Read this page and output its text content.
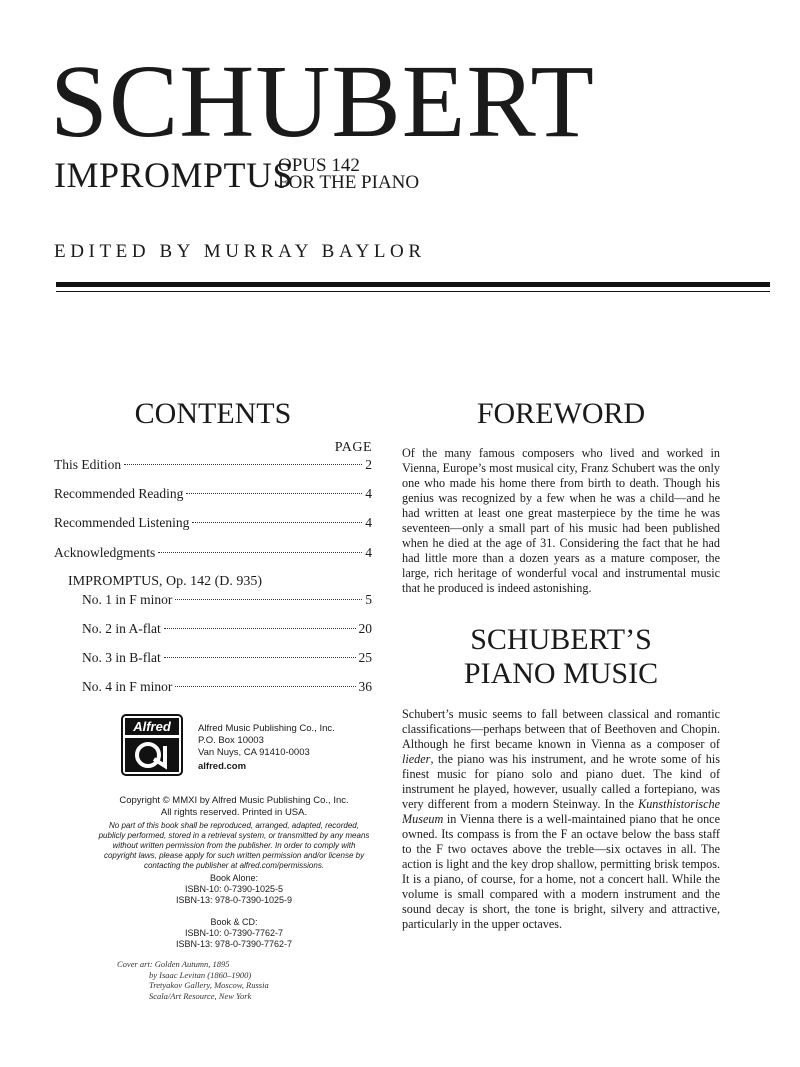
SCHUBERT
IMPROMPTUS
OPUS 142
FOR THE PIANO
EDITED BY MURRAY BAYLOR
CONTENTS
PAGE
This Edition	2
Recommended Reading	4
Recommended Listening	4
Acknowledgments	4
IMPROMPTUS, Op. 142 (D. 935)
No. 1 in F minor	5
No. 2 in A-flat	20
No. 3 in B-flat	25
No. 4 in F minor	36
Alfred	Alfred Music Publishing Co., Inc.
P.O. Box 10003
Van Nuys, CA 91410-0003
alfred.com
Copyright © MMXI by Alfred Music Publishing Co., Inc.
All rights reserved. Printed in USA.
No part of this book shall be reproduced, arranged, adapted, recorded,
publicly performed, stored in a retrieval system, or transmitted by any means
without written permission from the publisher. In order to comply with
copyright laws, please apply for such written permission and/or license by
contacting the publisher at alfred.com/permissions.
Book Alone:
ISBN-10: 0-7390-1025-5
ISBN-13: 978-0-7390-1025-9
Book & CD:
ISBN-10: 0-7390-7762-7
ISBN-13: 978-0-7390-7762-7
Cover art: Golden Autumn, 1895
by Isaac Levitan (1860–1900)
Tretyakov Gallery, Moscow, Russia
Scala/Art Resource, New York
FOREWORD

Of the many famous composers who lived and worked in Vienna, Europe’s most musical city, Franz Schubert was the only one who made his home there from birth to death. Though his genius was recognized by a few when he was a child—and he had written at least one great masterpiece by the time he was seventeen—only a small part of his music had been published when he died at the age of 31. Considering the fact that he had had little more than a dozen years as a mature composer, the large, rich heritage of wonderful vocal and instrumental music that he produced is indeed astonishing.

SCHUBERT’S
PIANO MUSIC

Schubert’s music seems to fall between classical and romantic classifications—perhaps between that of Beethoven and Chopin. Although he first became known in Vienna as a composer of lieder, the piano was his instrument, and he wrote some of his finest music for piano solo and piano duet. The kind of instrument he played, however, usually called a fortepiano, was very different from a modern Steinway. In the Kunsthistorische Museum in Vienna there is a well-maintained piano that he once owned. Its compass is from the F an octave below the bass staff to the F two octaves above the treble—six octaves in all. The action is light and the key drop shallow, permitting brisk tempos. It is a piano, of course, for a home, not a concert hall. While the volume is small compared with a modern instrument and the sound decay is short, the tone is bright, silvery and attractive, particularly in the upper octaves.
